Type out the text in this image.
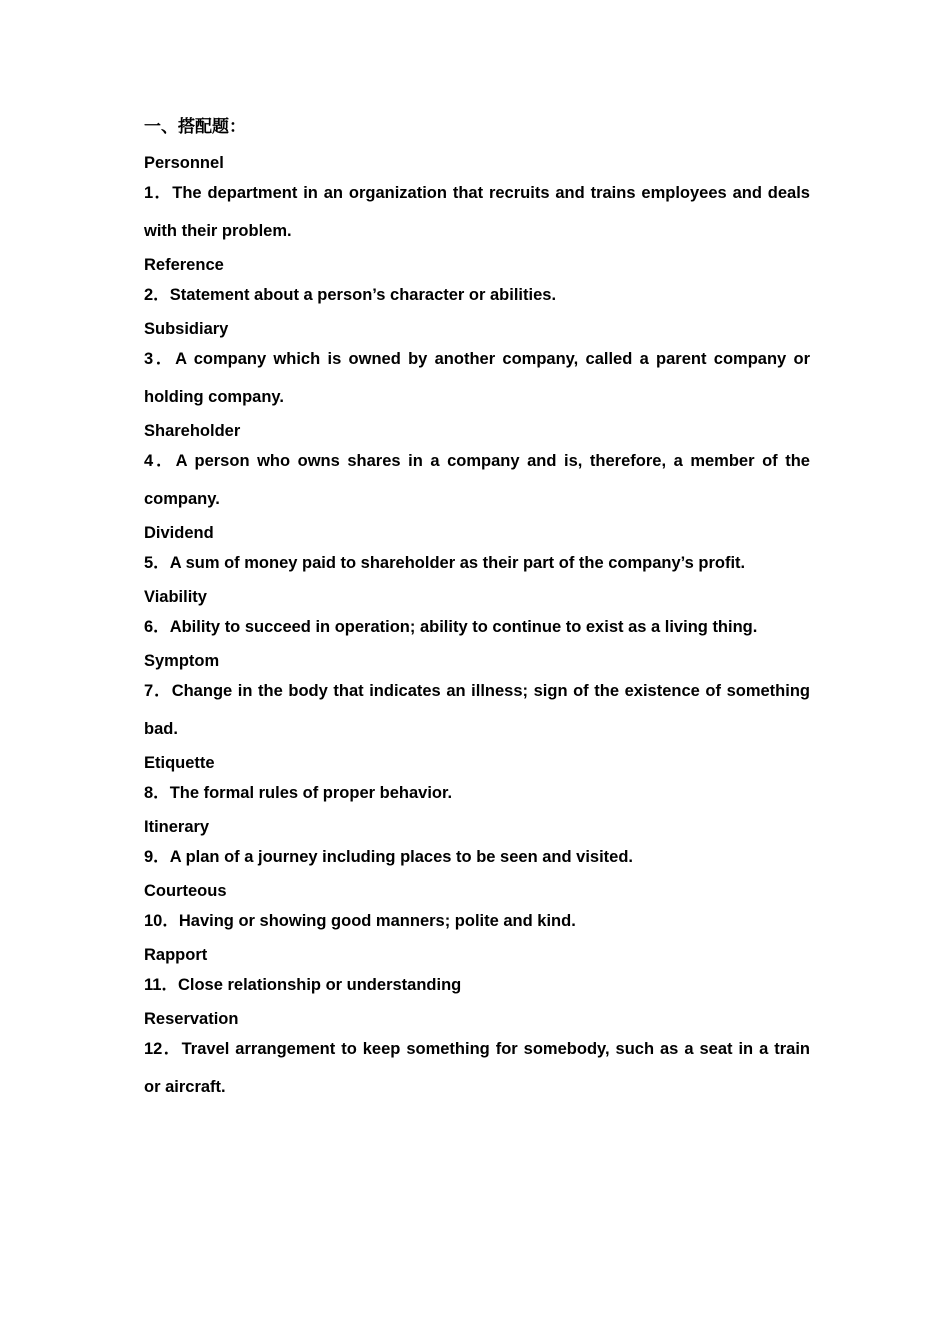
一、搭配题：

Personnel

1．The department in an organization that recruits and trains employees and deals with their problem.

Reference

2．Statement about a person’s character or abilities.

Subsidiary

3．A company which is owned by another company, called a parent company or holding company.

Shareholder

4．A person who owns shares in a company and is, therefore, a member of the company.

Dividend

5．A sum of money paid to shareholder as their part of the company’s profit.

Viability

6．Ability to succeed in operation; ability to continue to exist as a living thing.

Symptom

7．Change in the body that indicates an illness; sign of the existence of something bad.

Etiquette

8．The formal rules of proper behavior.

Itinerary

9．A plan of a journey including places to be seen and visited.

Courteous

10．Having or showing good manners; polite and kind.

Rapport

11．Close relationship or understanding

Reservation

12．Travel arrangement to keep something for somebody, such as a seat in a train or aircraft.
